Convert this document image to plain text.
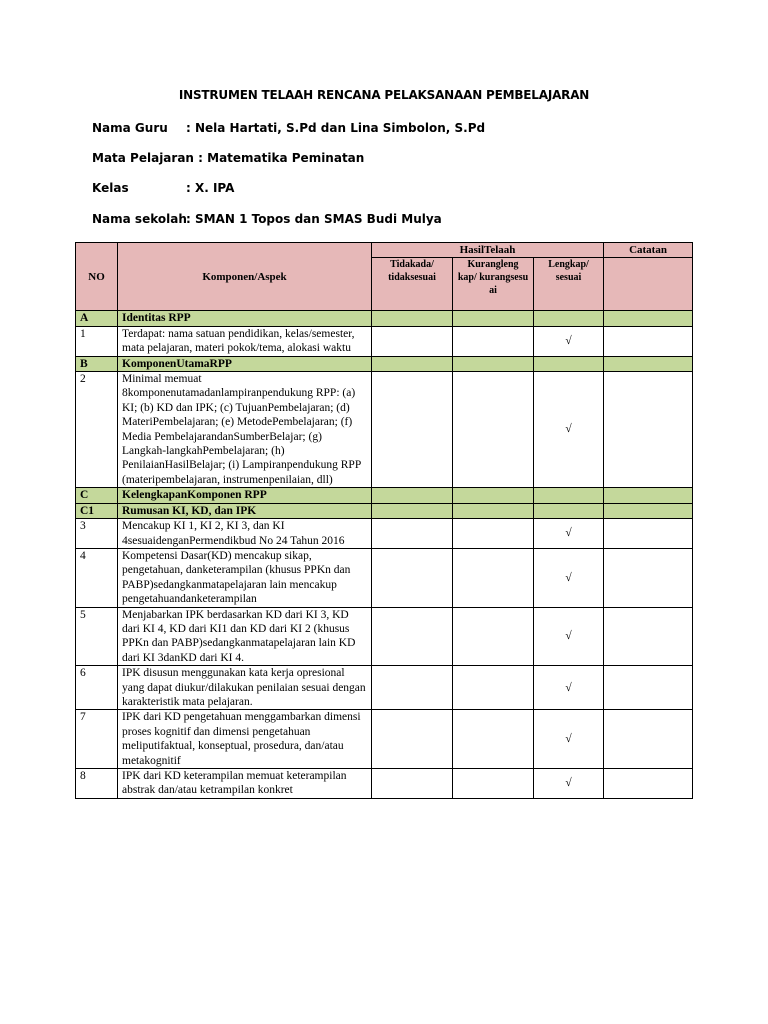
INSTRUMEN TELAAH RENCANA PELAKSANAAN PEMBELAJARAN
Nama Guru : Nela Hartati, S.Pd dan Lina Simbolon, S.Pd
Mata Pelajaran : Matematika Peminatan
Kelas	: X. IPA
Nama sekolah: SMAN 1 Topos dan SMAS Budi Mulya
NO	Komponen/Aspek	HasilTelaah			Catatan
		Tidakada/ tidaksesuai	Kurangleng kap/ kurangsesu ai	Lengkap/ sesuai	
A	Identitas RPP				
1	Terdapat: nama satuan pendidikan, kelas/semester, mata pelajaran, materi pokok/tema, alokasi waktu			√	
B	KomponenUtamaRPP				
2	Minimal memuat 8komponenutamadanlampiranpendukung RPP: (a) KI; (b) KD dan IPK; (c) TujuanPembelajaran; (d) MateriPembelajaran; (e) MetodePembelajaran; (f) Media PembelajarandanSumberBelajar; (g) Langkah-langkahPembelajaran; (h) PenilaianHasilBelajar; (i) Lampiranpendukung RPP (materipembelajaran, instrumenpenilaian, dll)			√	
C	KelengkapanKomponen RPP				
C1	Rumusan KI, KD, dan IPK				
3	Mencakup KI 1, KI 2, KI 3, dan KI 4sesuaidenganPermendikbud No 24 Tahun 2016			√	
4	Kompetensi Dasar(KD) mencakup sikap, pengetahuan, danketerampilan (khusus PPKn dan PABP)sedangkanmatapelajaran lain mencakup pengetahuandanketerampilan			√	
5	Menjabarkan IPK berdasarkan KD dari KI 3, KD dari KI 4, KD dari KI1 dan KD dari KI 2 (khusus PPKn dan PABP)sedangkanmatapelajaran lain KD dari KI 3danKD dari KI 4.			√	
6	IPK disusun menggunakan kata kerja opresional yang dapat diukur/dilakukan penilaian sesuai dengan karakteristik mata pelajaran.			√	
7	IPK dari KD pengetahuan menggambarkan dimensi proses kognitif dan dimensi pengetahuan meliputifaktual, konseptual, prosedura, dan/atau metakognitif			√	
8	IPK dari KD keterampilan memuat keterampilan abstrak dan/atau ketrampilan konkret			√	
